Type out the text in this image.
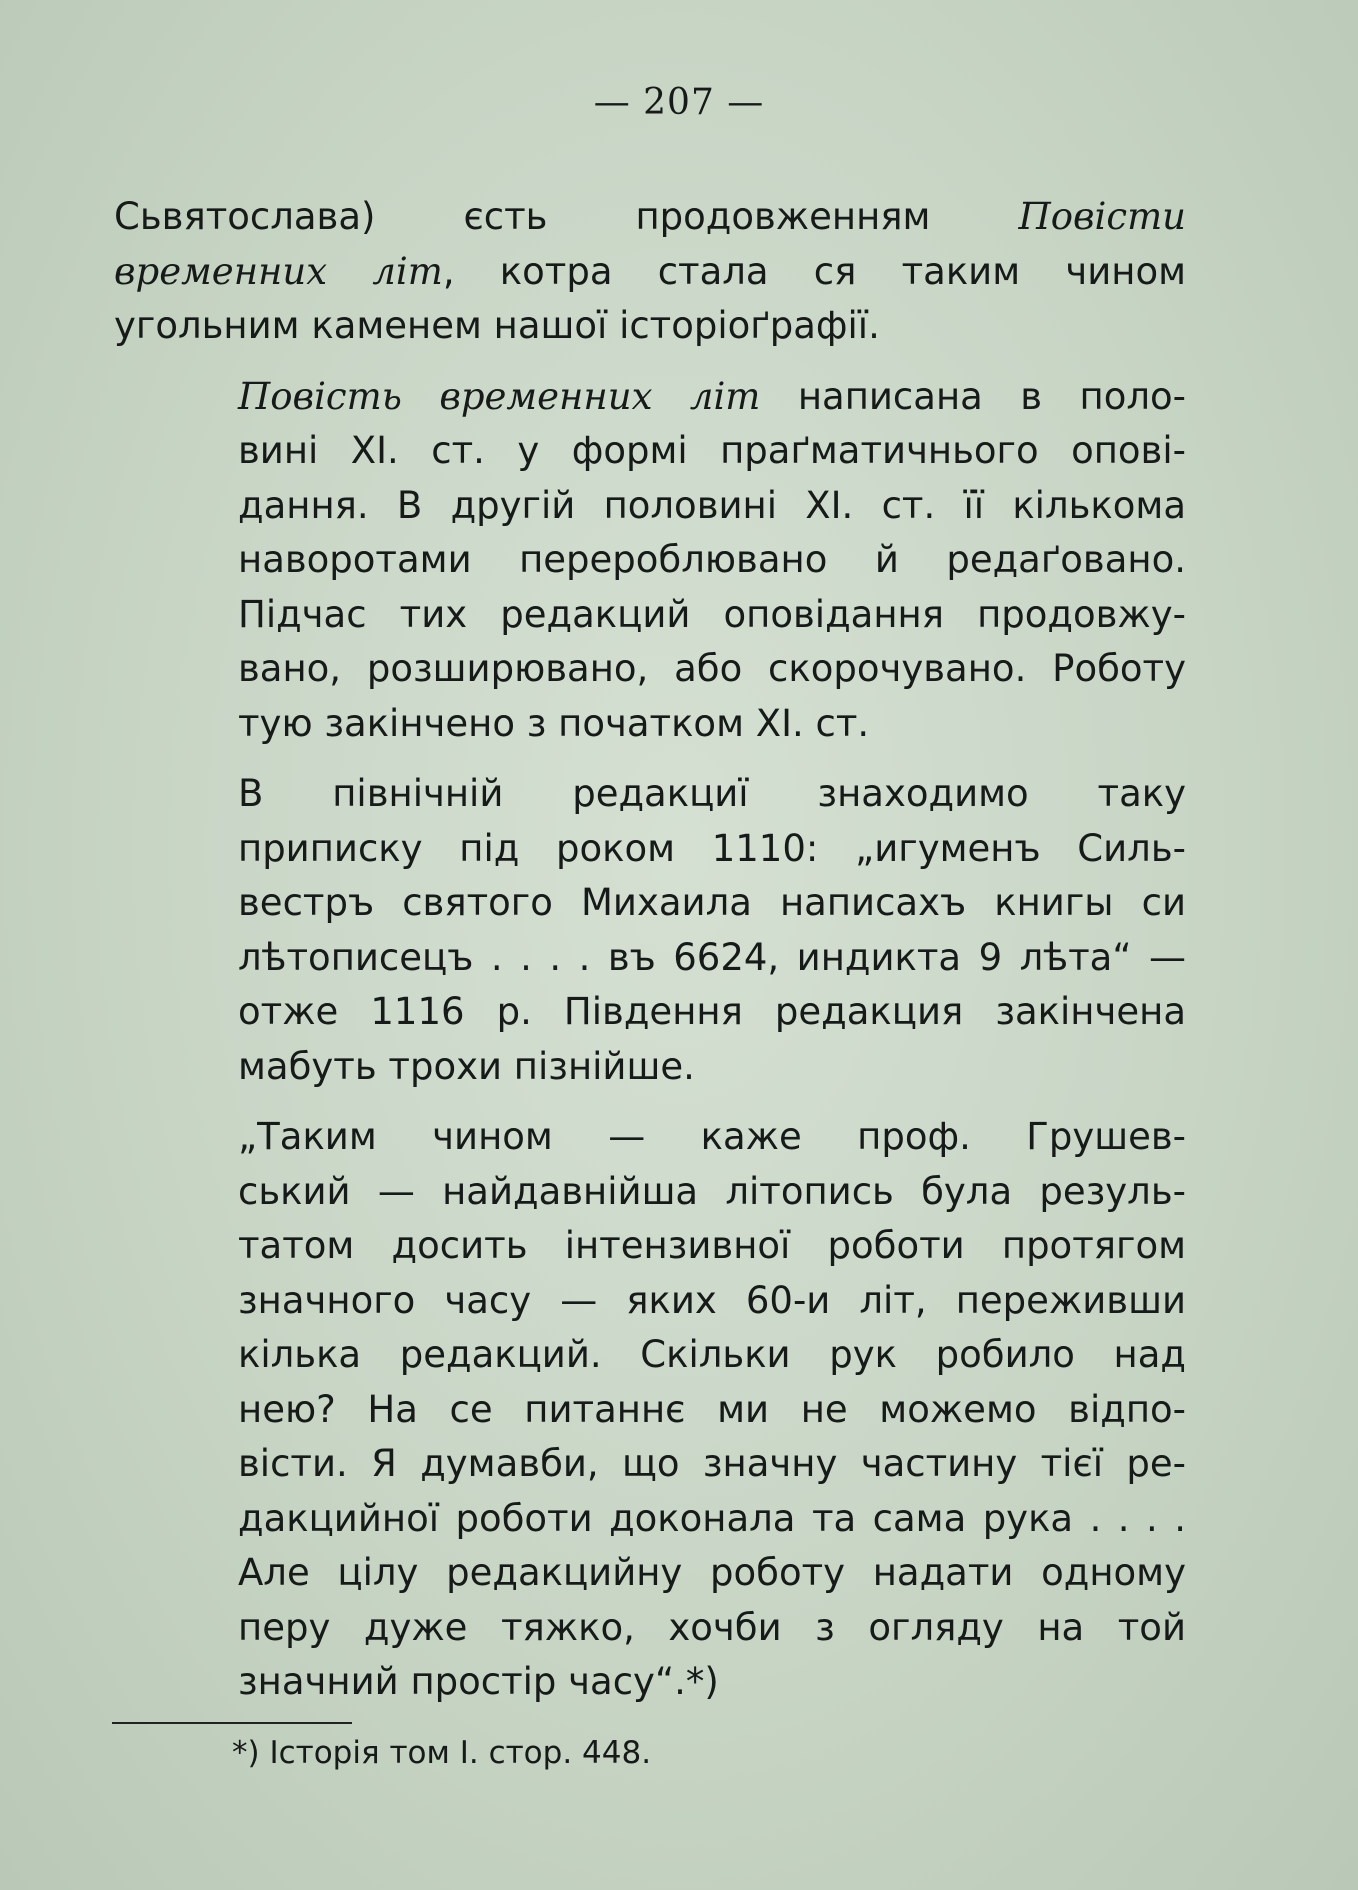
— 207 —

Сьвятослава) єсть продовженням Повісти
временних літ, котра стала ся таким чином
угольним каменем нашої історіоґрафії.

Повість временних літ написана в поло-
вині XI. ст. у формі праґматичнього опові-
дання. В другій половині XI. ст. її кількома
наворотами перероблювано й редаґовано.
Підчас тих редакций оповідання продовжу-
вано, розширювано, або скорочувано. Роботу
тую закінчено з початком XI. ст.

В північній редакциї знаходимо таку
приписку під роком 1110: „игуменъ Силь-
вестръ святого Михаила написахъ книгы си
лѣтописецъ . . . . въ 6624, индикта 9 лѣта“ —
отже 1116 р. Південня редакция закінчена
мабуть трохи пізнійше.

„Таким чином — каже проф. Грушев-
ський — найдавнійша літопись була резуль-
татом досить інтензивної роботи протягом
значного часу — яких 60-и літ, переживши
кілька редакций. Скільки рук робило над
нею? На се питаннє ми не можемо відпо-
вісти. Я думавби, що значну частину тієї ре-
дакцийної роботи доконала та сама рука . . . .
Але цілу редакцийну роботу надати одному
перу дуже тяжко, хочби з огляду на той
значний простір часу“.*)

*) Історія том І. стор. 448.
